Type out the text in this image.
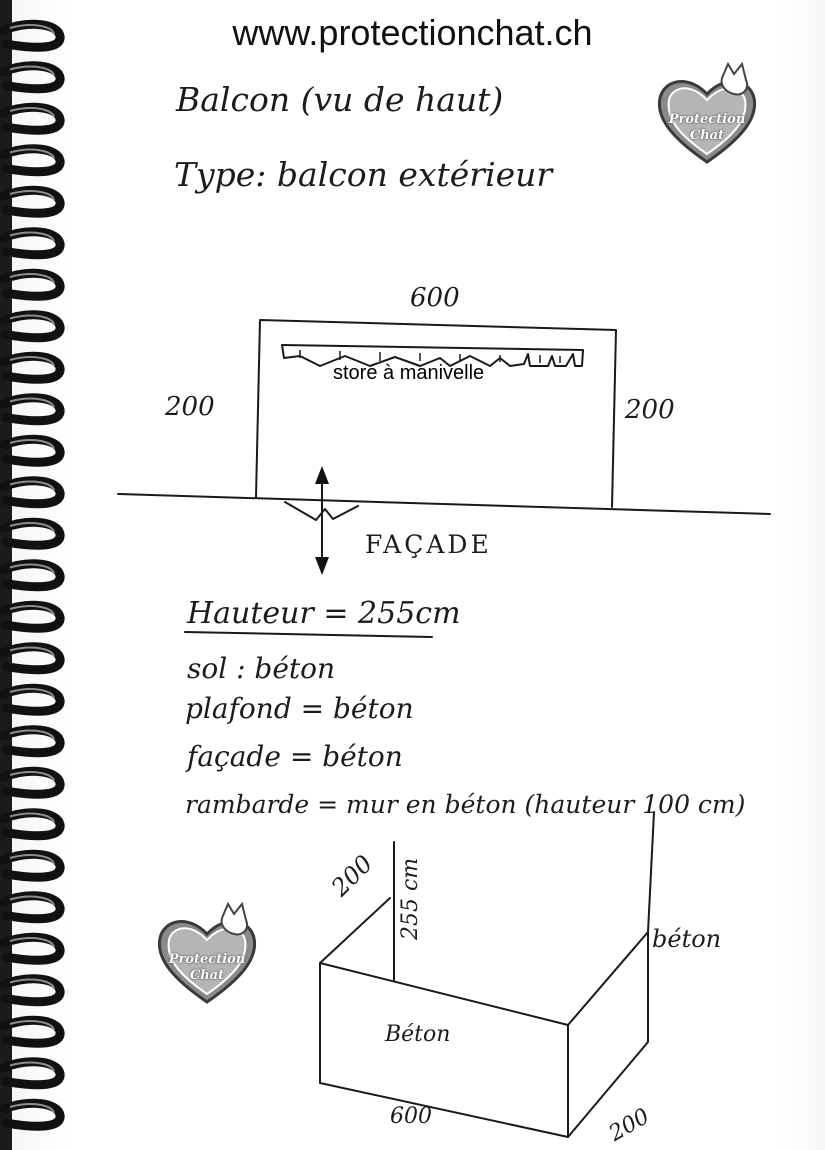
www.protectionchat.ch
Balcon (vu de haut)
Type: balcon extérieur
600
200	200
store à manivelle
FAÇADE
Hauteur = 255cm
sol : béton
plafond = béton
façade = béton
rambarde = mur en béton (hauteur 100 cm)
200 255 cm	béton
Béton
600	200
Protection
Chat
Protection
Chat
